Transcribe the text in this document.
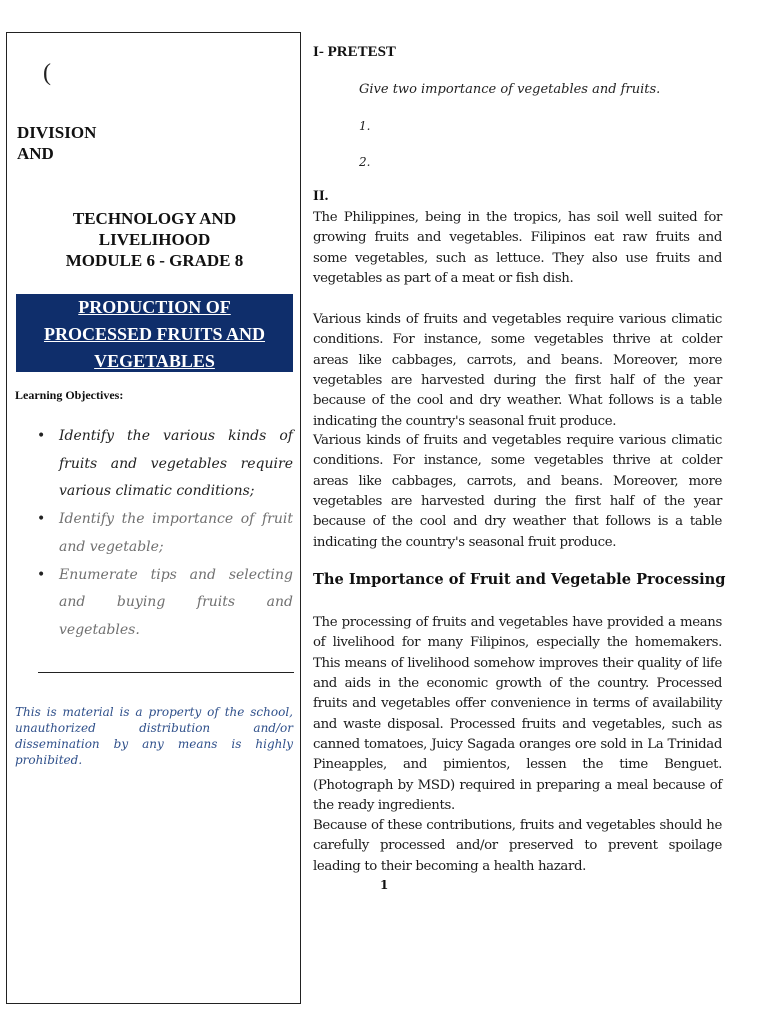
(
DIVISION
AND
TECHNOLOGY AND
LIVELIHOOD
MODULE 6 - GRADE 8
PRODUCTION OF
PROCESSED FRUITS AND
VEGETABLES
Learning Objectives:
• Identify the various kinds of fruits and vegetables require various climatic conditions;
• Identify the importance of fruit and vegetable;
• Enumerate tips and selecting and buying fruits and vegetables.
This is material is a property of the school, unauthorized distribution and/or dissemination by any means is highly prohibited.
I- PRETEST
Give two importance of vegetables and fruits.
1.
2.
II.

The Philippines, being in the tropics, has soil well suited for growing fruits and vegetables. Filipinos eat raw fruits and some vegetables, such as lettuce. They also use fruits and vegetables as part of a meat or fish dish.

Various kinds of fruits and vegetables require various climatic conditions. For instance, some vegetables thrive at colder areas like cabbages, carrots, and beans. Moreover, more vegetables are harvested during the first half of the year because of the cool and dry weather. What follows is a table indicating the country's seasonal fruit produce.

Various kinds of fruits and vegetables require various climatic conditions. For instance, some vegetables thrive at colder areas like cabbages, carrots, and beans. Moreover, more vegetables are harvested during the first half of the year because of the cool and dry weather that follows is a table indicating the country's seasonal fruit produce.

The Importance of Fruit and Vegetable Processing

The processing of fruits and vegetables have provided a means of livelihood for many Filipinos, especially the homemakers. This means of livelihood somehow improves their quality of life and aids in the economic growth of the country. Processed fruits and vegetables offer convenience in terms of availability and waste disposal. Processed fruits and vegetables, such as canned tomatoes, Juicy Sagada oranges ore sold in La Trinidad Pineapples, and pimientos, lessen the time Benguet. (Photograph by MSD) required in preparing a meal because of the ready ingredients.

Because of these contributions, fruits and vegetables should he carefully processed and/or preserved to prevent spoilage leading to their becoming a health hazard.

1
